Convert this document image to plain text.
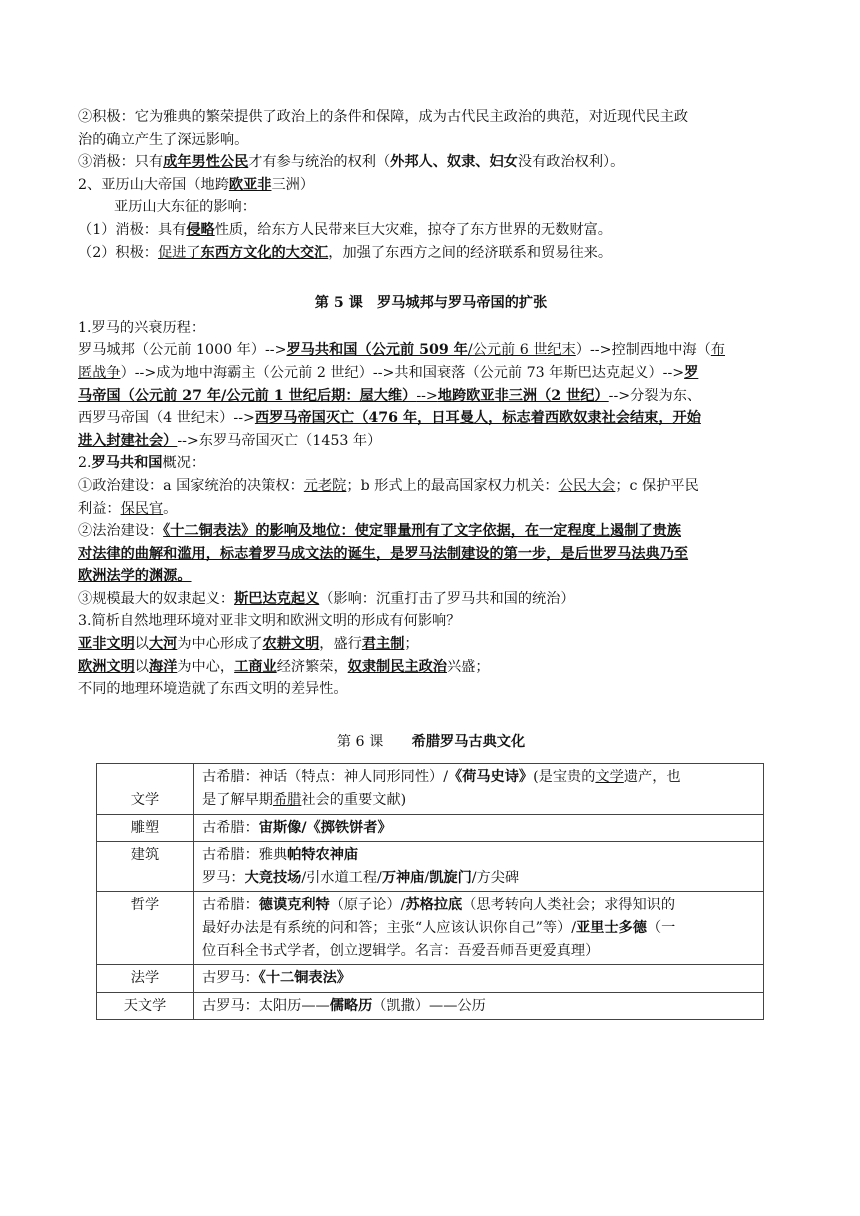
②积极：它为雅典的繁荣提供了政治上的条件和保障，成为古代民主政治的典范，对近现代民主政
治的确立产生了深远影响。

③消极：只有成年男性公民才有参与统治的权利（外邦人、奴隶、妇女没有政治权利）。

2、亚历山大帝国（地跨欧亚非三洲）

亚历山大东征的影响：

（1）消极：具有侵略性质，给东方人民带来巨大灾难，掠夺了东方世界的无数财富。

（2）积极：促进了东西方文化的大交汇，加强了东西方之间的经济联系和贸易往来。

第 5 课　罗马城邦与罗马帝国的扩张

1.罗马的兴衰历程：

罗马城邦（公元前 1000 年）-->罗马共和国（公元前 509 年/公元前 6 世纪末）-->控制西地中海（布
匿战争）-->成为地中海霸主（公元前 2 世纪）-->共和国衰落（公元前 73 年斯巴达克起义）-->罗
马帝国（公元前 27 年/公元前 1 世纪后期：屋大维）-->地跨欧亚非三洲（2 世纪）-->分裂为东、
西罗马帝国（4 世纪末）-->西罗马帝国灭亡（476 年，日耳曼人，标志着西欧奴隶社会结束，开始
进入封建社会）-->东罗马帝国灭亡（1453 年）

2.罗马共和国概况：

①政治建设：a 国家统治的决策权：元老院；b 形式上的最高国家权力机关：公民大会；c 保护平民
利益：保民官。

②法治建设：《十二铜表法》的影响及地位：使定罪量刑有了文字依据，在一定程度上遏制了贵族
对法律的曲解和滥用，标志着罗马成文法的诞生，是罗马法制建设的第一步，是后世罗马法典乃至
欧洲法学的渊源。

③规模最大的奴隶起义：斯巴达克起义（影响：沉重打击了罗马共和国的统治）

3.简析自然地理环境对亚非文明和欧洲文明的形成有何影响？

亚非文明以大河为中心形成了农耕文明，盛行君主制；

欧洲文明以海洋为中心，工商业经济繁荣，奴隶制民主政治兴盛；

不同的地理环境造就了东西文明的差异性。

第 6 课   希腊罗马古典文化

文学	古希腊：神话（特点：神人同形同性）/《荷马史诗》(是宝贵的文学遗产，也
是了解早期希腊社会的重要文献)
雕塑	古希腊：宙斯像/《掷铁饼者》
建筑	古希腊：雅典帕特农神庙
罗马：大竞技场/引水道工程/万神庙/凯旋门/方尖碑
哲学	古希腊：德谟克利特（原子论）/苏格拉底（思考转向人类社会；求得知识的
最好办法是有系统的问和答；主张“人应该认识你自己”等）/亚里士多德（一
位百科全书式学者，创立逻辑学。名言：吾爱吾师吾更爱真理）
法学	古罗马：《十二铜表法》
天文学	古罗马：太阳历——儒略历（凯撒）——公历
